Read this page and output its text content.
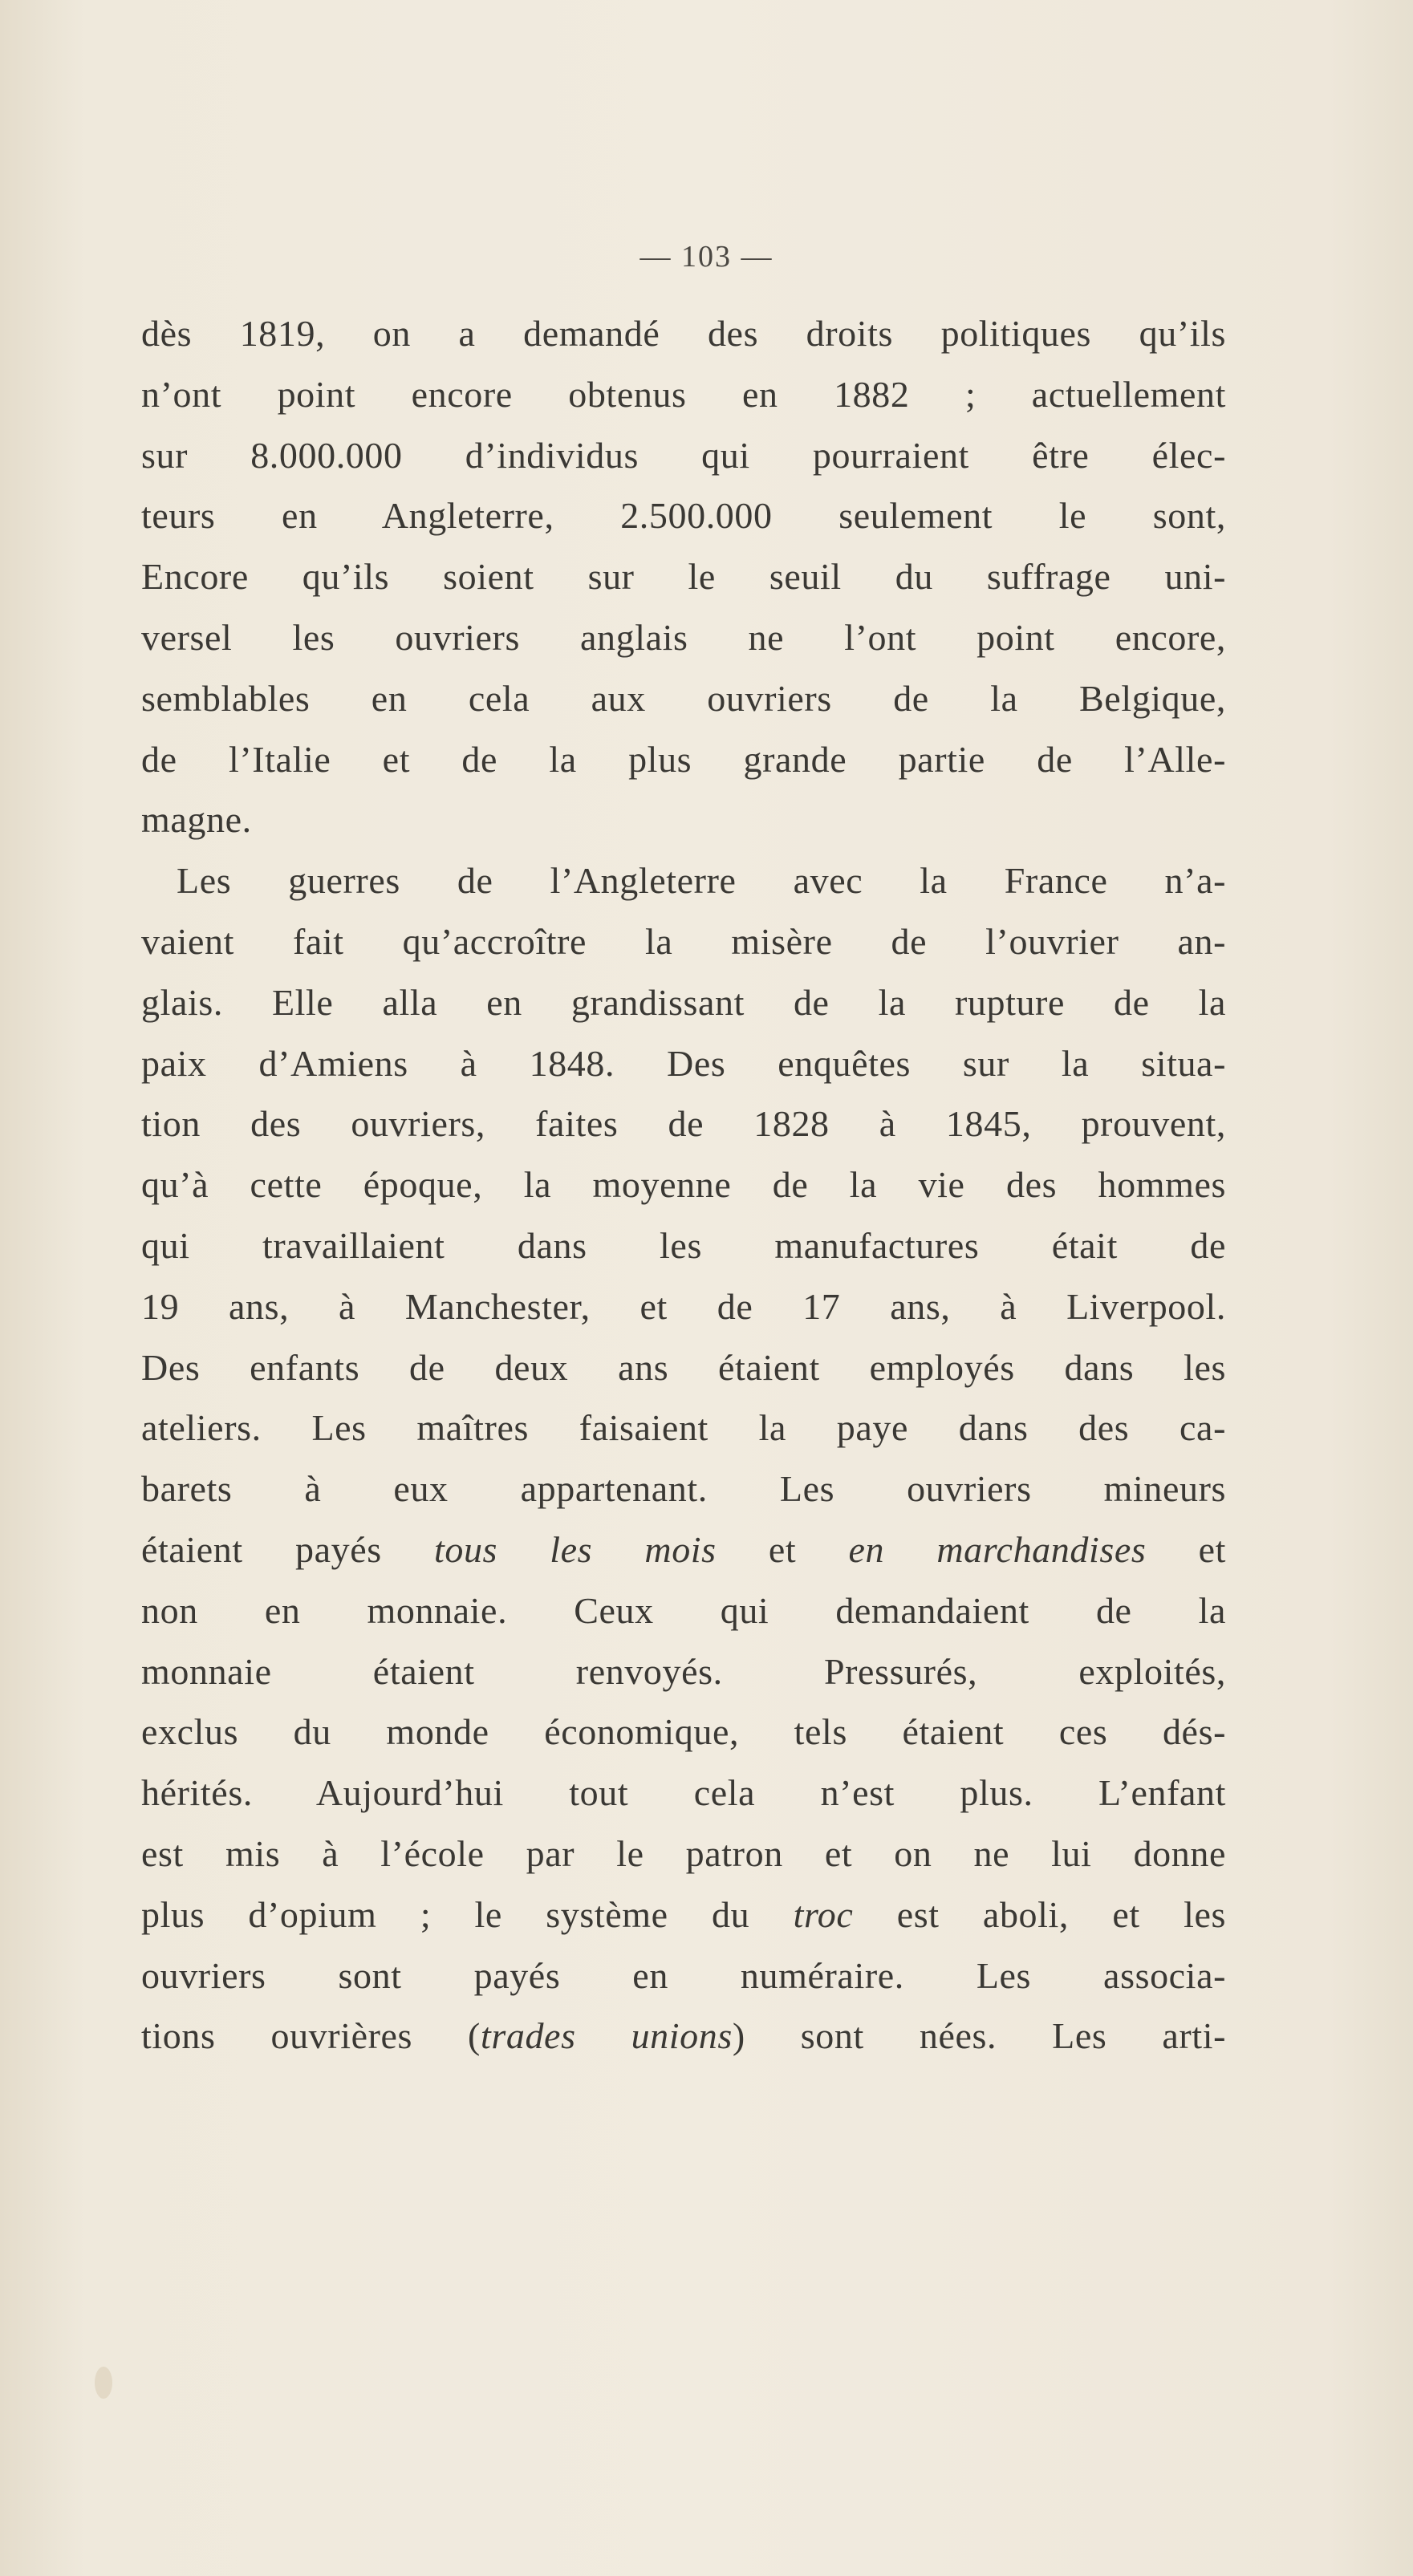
— 103 —
dès 1819, on a demandé des droits politiques qu’ils
n’ont point encore obtenus en 1882 ; actuellement
sur 8.000.000 d’individus qui pourraient être élec-
teurs en Angleterre, 2.500.000 seulement le sont,
Encore qu’ils soient sur le seuil du suffrage uni-
versel les ouvriers anglais ne l’ont point encore,
semblables en cela aux ouvriers de la Belgique,
de l’Italie et de la plus grande partie de l’Alle-
magne.
Les guerres de l’Angleterre avec la France n’a-
vaient fait qu’accroître la misère de l’ouvrier an-
glais. Elle alla en grandissant de la rupture de la
paix d’Amiens à 1848. Des enquêtes sur la situa-
tion des ouvriers, faites de 1828 à 1845, prouvent,
qu’à cette époque, la moyenne de la vie des hommes
qui travaillaient dans les manufactures était de
19 ans, à Manchester, et de 17 ans, à Liverpool.
Des enfants de deux ans étaient employés dans les
ateliers. Les maîtres faisaient la paye dans des ca-
barets à eux appartenant. Les ouvriers mineurs
étaient payés tous les mois et en marchandises et
non en monnaie. Ceux qui demandaient de la
monnaie étaient renvoyés. Pressurés, exploités,
exclus du monde économique, tels étaient ces dés-
hérités. Aujourd’hui tout cela n’est plus. L’enfant
est mis à l’école par le patron et on ne lui donne
plus d’opium ; le système du troc est aboli, et les
ouvriers sont payés en numéraire. Les associa-
tions ouvrières (trades unions) sont nées. Les arti-
